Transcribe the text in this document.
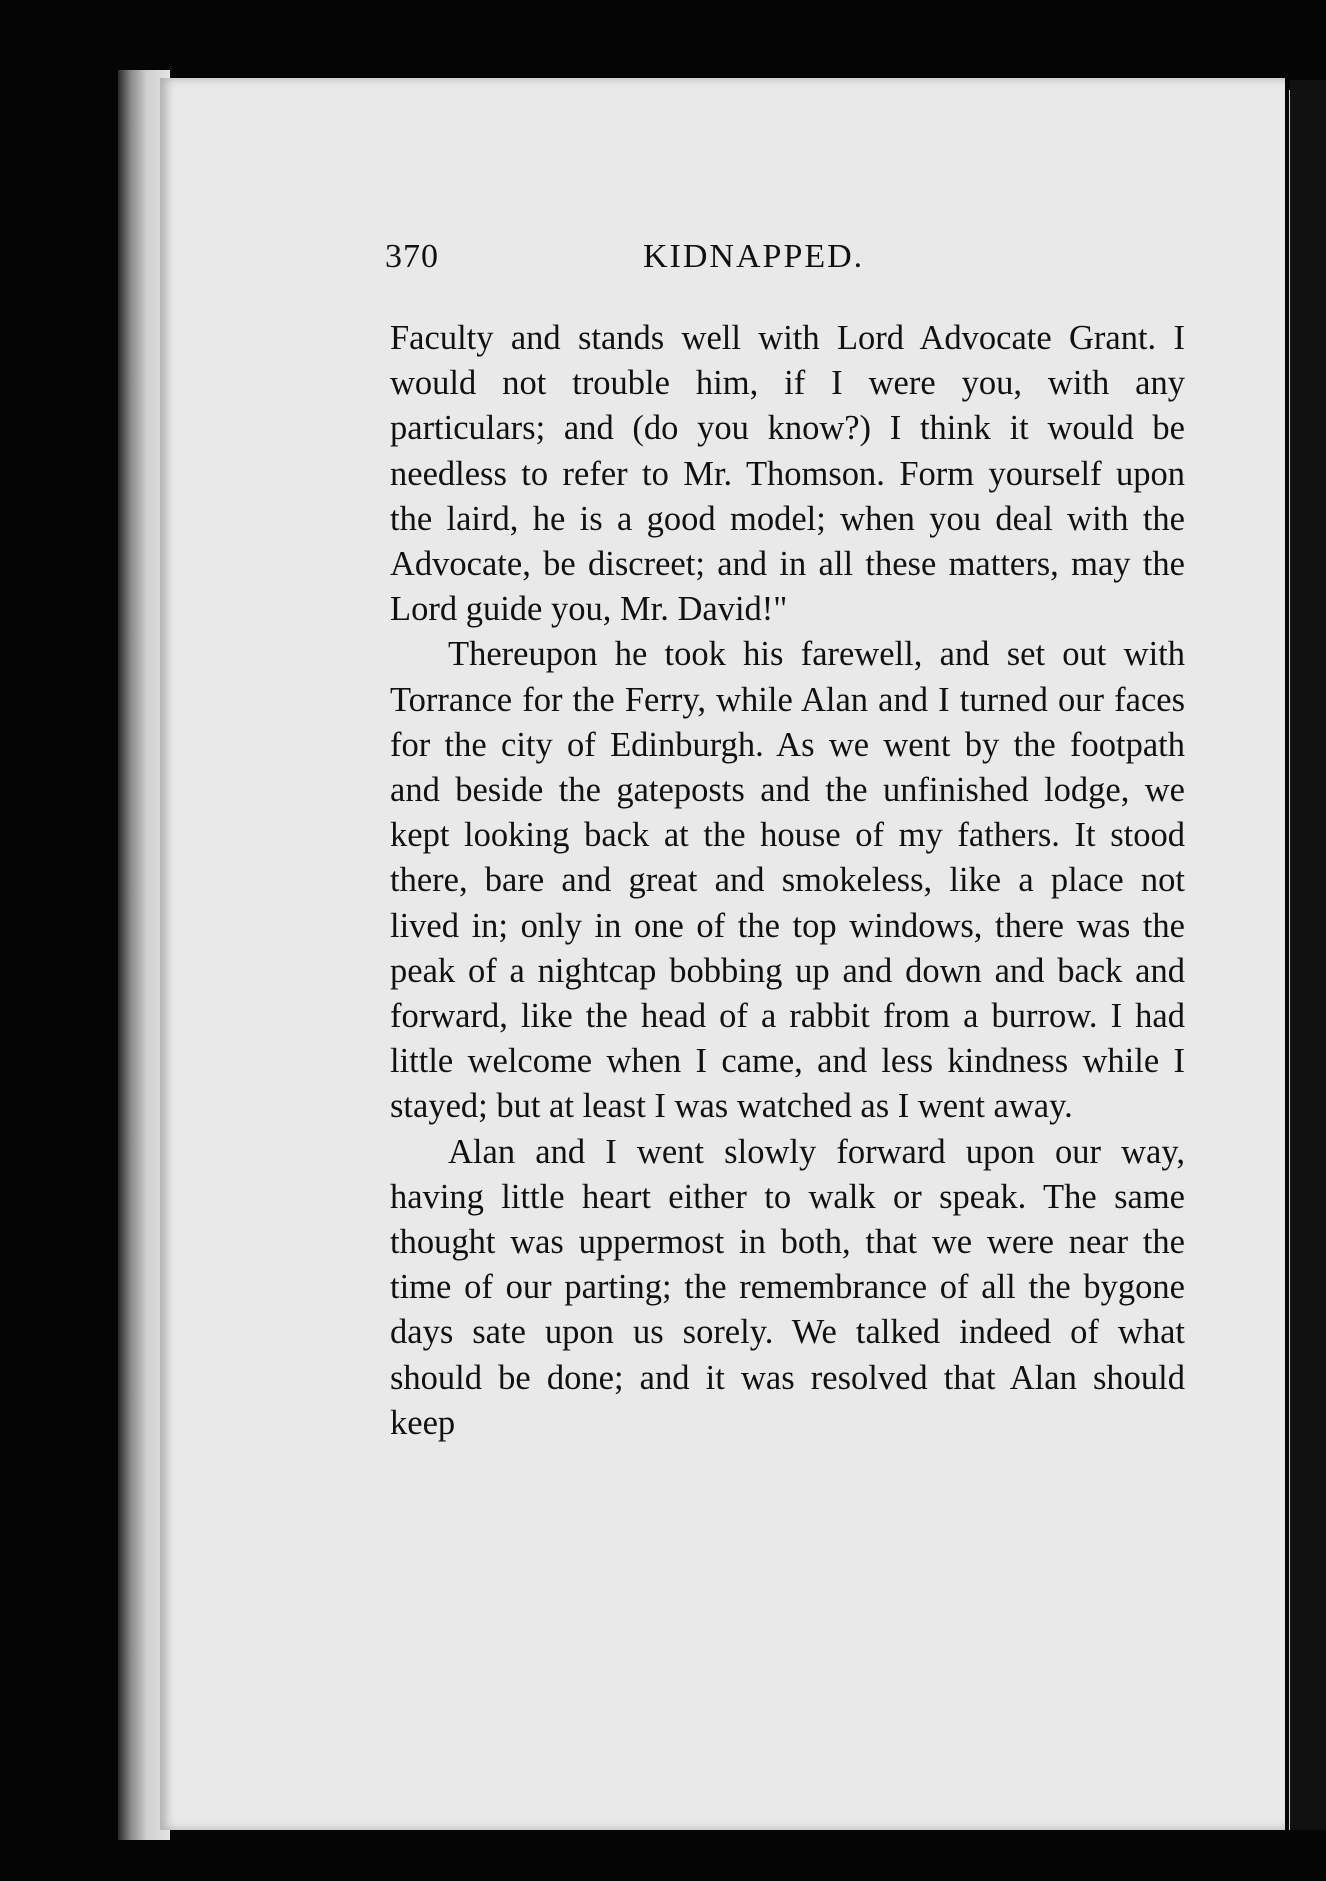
370	KIDNAPPED.

Faculty and stands well with Lord Advocate Grant. I would not trouble him, if I were you, with any particulars; and (do you know?) I think it would be needless to refer to Mr. Thomson. Form yourself upon the laird, he is a good model; when you deal with the Advocate, be discreet; and in all these matters, may the Lord guide you, Mr. David!"

Thereupon he took his farewell, and set out with Torrance for the Ferry, while Alan and I turned our faces for the city of Edinburgh. As we went by the footpath and beside the gateposts and the unfinished lodge, we kept looking back at the house of my fathers. It stood there, bare and great and smokeless, like a place not lived in; only in one of the top windows, there was the peak of a nightcap bobbing up and down and back and forward, like the head of a rabbit from a burrow. I had little welcome when I came, and less kindness while I stayed; but at least I was watched as I went away.

Alan and I went slowly forward upon our way, having little heart either to walk or speak. The same thought was uppermost in both, that we were near the time of our parting; the remembrance of all the bygone days sate upon us sorely. We talked indeed of what should be done; and it was resolved that Alan should keep
